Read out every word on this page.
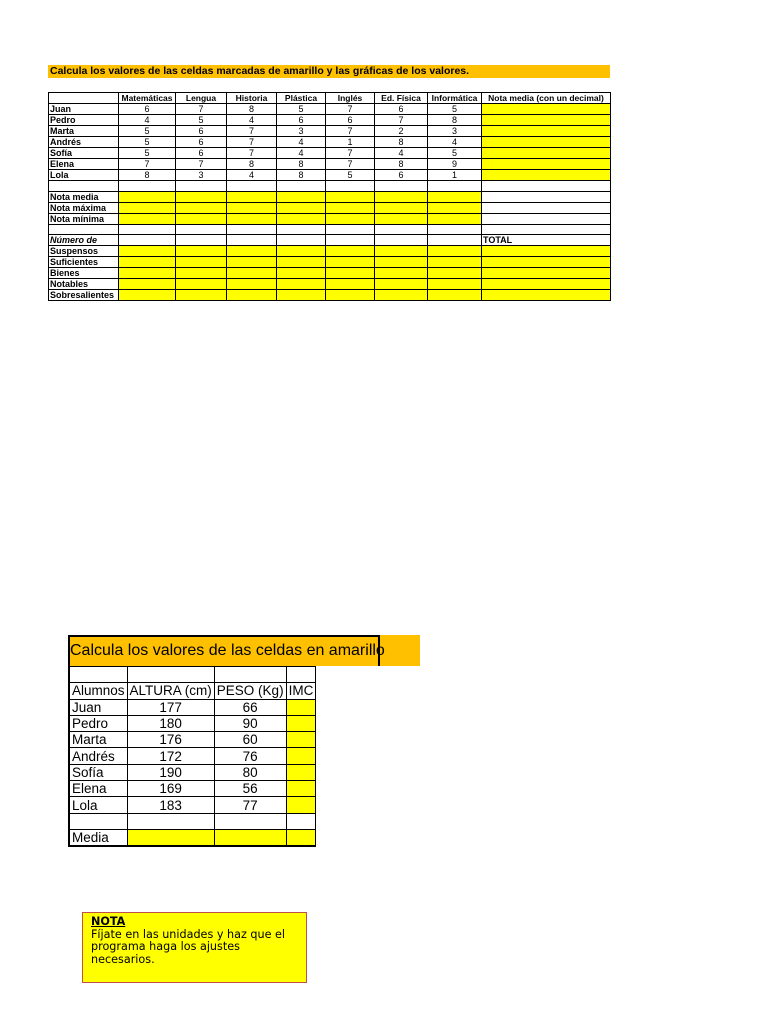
Calcula los valores de las celdas marcadas de amarillo y las gráficas de los valores.
	Matemáticas	Lengua	Historia	Plástica	Inglés	Ed. Física	Informática	Nota media (con un decimal)
Juan	6	7	8	5	7	6	5	
Pedro	4	5	4	6	6	7	8	
Marta	5	6	7	3	7	2	3	
Andrés	5	6	7	4	1	8	4	
Sofía	5	6	7	4	7	4	5	
Elena	7	7	8	8	7	8	9	
Lola	8	3	4	8	5	6	1	

Nota media								
Nota máxima								
Nota mínima								

Número de								TOTAL
Suspensos								
Suficientes								
Bienes								
Notables								
Sobresalientes								
Calcula los valores de las celdas en amarillo

Alumnos	ALTURA (cm)	PESO (Kg)	IMC
Juan	177	66	
Pedro	180	90	
Marta	176	60	
Andrés	172	76	
Sofía	190	80	
Elena	169	56	
Lola	183	77	

Media			
NOTA
Fíjate en las unidades y haz que el
programa haga los ajustes
necesarios.
